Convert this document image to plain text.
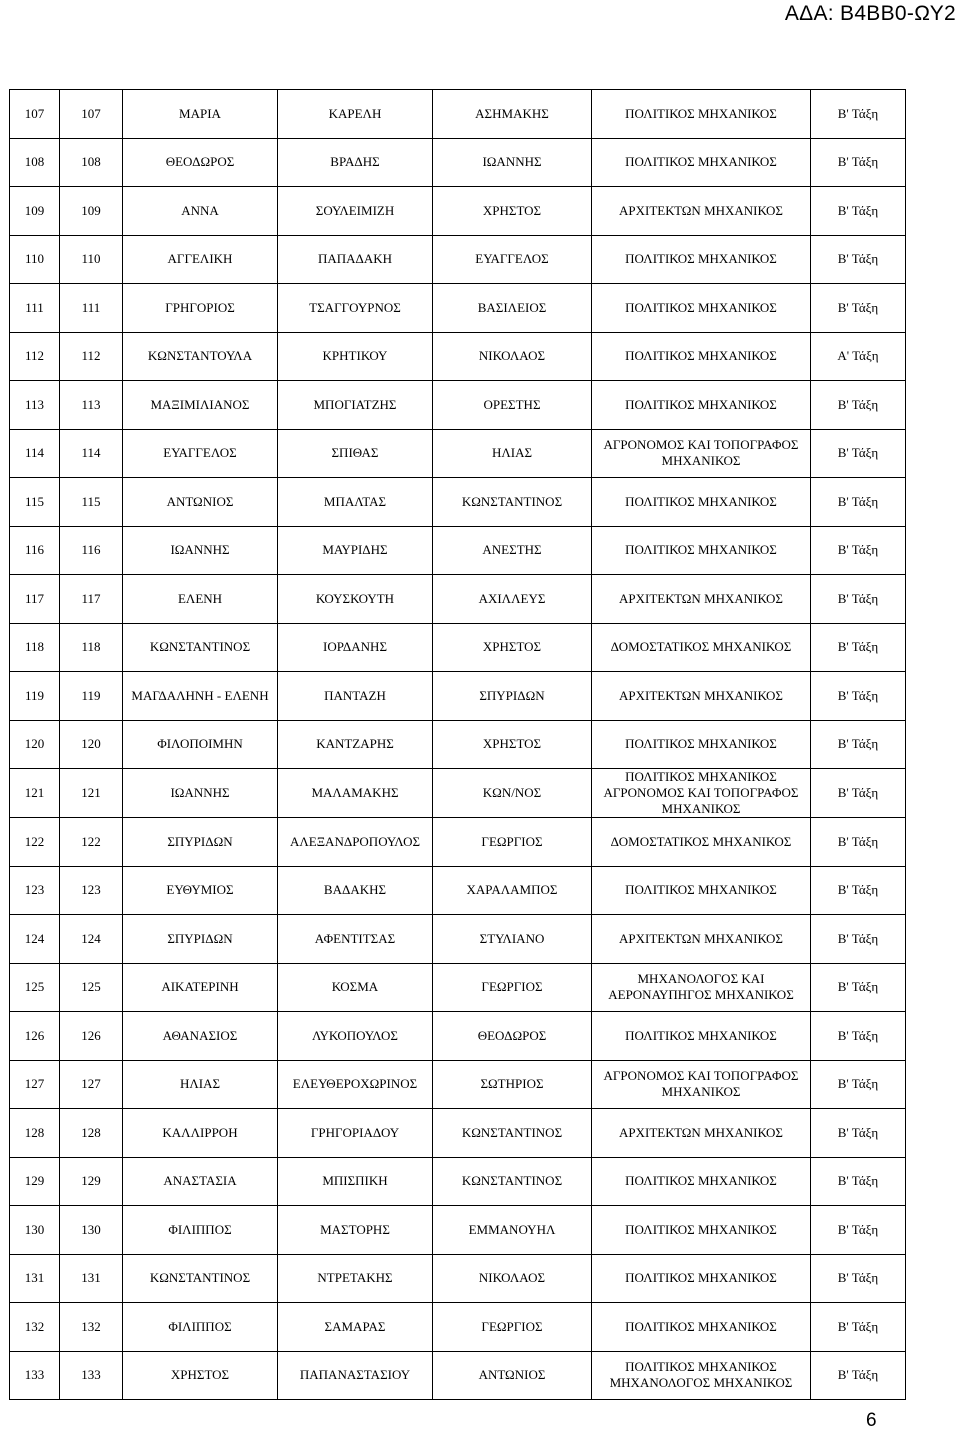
ΑΔΑ: Β4ΒΒ0-ΩΥ2
107	107	ΜΑΡΙΑ	ΚΑΡΕΛΗ	ΑΣΗΜΑΚΗΣ	ΠΟΛΙΤΙΚΟΣ ΜΗΧΑΝΙΚΟΣ	Β' Τάξη
108	108	ΘΕΟΔΩΡΟΣ	ΒΡΑΔΗΣ	ΙΩΑΝΝΗΣ	ΠΟΛΙΤΙΚΟΣ ΜΗΧΑΝΙΚΟΣ	Β' Τάξη
109	109	ΑΝΝΑ	ΣΟΥΛΕΙΜΙΖΗ	ΧΡΗΣΤΟΣ	ΑΡΧΙΤΕΚΤΩΝ ΜΗΧΑΝΙΚΟΣ	Β' Τάξη
110	110	ΑΓΓΕΛΙΚΗ	ΠΑΠΑΔΑΚΗ	ΕΥΑΓΓΕΛΟΣ	ΠΟΛΙΤΙΚΟΣ ΜΗΧΑΝΙΚΟΣ	Β' Τάξη
111	111	ΓΡΗΓΟΡΙΟΣ	ΤΣΑΓΓΟΥΡΝΟΣ	ΒΑΣΙΛΕΙΟΣ	ΠΟΛΙΤΙΚΟΣ ΜΗΧΑΝΙΚΟΣ	Β' Τάξη
112	112	ΚΩΝΣΤΑΝΤΟΥΛΑ	ΚΡΗΤΙΚΟΥ	ΝΙΚΟΛΑΟΣ	ΠΟΛΙΤΙΚΟΣ ΜΗΧΑΝΙΚΟΣ	Α' Τάξη
113	113	ΜΑΞΙΜΙΛΙΑΝΟΣ	ΜΠΟΓΙΑΤΖΗΣ	ΟΡΕΣΤΗΣ	ΠΟΛΙΤΙΚΟΣ ΜΗΧΑΝΙΚΟΣ	Β' Τάξη
114	114	ΕΥΑΓΓΕΛΟΣ	ΣΠΙΘΑΣ	ΗΛΙΑΣ	ΑΓΡΟΝΟΜΟΣ ΚΑΙ ΤΟΠΟΓΡΑΦΟΣ ΜΗΧΑΝΙΚΟΣ	Β' Τάξη
115	115	ΑΝΤΩΝΙΟΣ	ΜΠΑΛΤΑΣ	ΚΩΝΣΤΑΝΤΙΝΟΣ	ΠΟΛΙΤΙΚΟΣ ΜΗΧΑΝΙΚΟΣ	Β' Τάξη
116	116	ΙΩΑΝΝΗΣ	ΜΑΥΡΙΔΗΣ	ΑΝΕΣΤΗΣ	ΠΟΛΙΤΙΚΟΣ ΜΗΧΑΝΙΚΟΣ	Β' Τάξη
117	117	ΕΛΕΝΗ	ΚΟΥΣΚΟΥΤΗ	ΑΧΙΛΛΕΥΣ	ΑΡΧΙΤΕΚΤΩΝ ΜΗΧΑΝΙΚΟΣ	Β' Τάξη
118	118	ΚΩΝΣΤΑΝΤΙΝΟΣ	ΙΟΡΔΑΝΗΣ	ΧΡΗΣΤΟΣ	ΔΟΜΟΣΤΑΤΙΚΟΣ ΜΗΧΑΝΙΚΟΣ	Β' Τάξη
119	119	ΜΑΓΔΑΛΗΝΗ - ΕΛΕΝΗ	ΠΑΝΤΑΖΗ	ΣΠΥΡΙΔΩΝ	ΑΡΧΙΤΕΚΤΩΝ ΜΗΧΑΝΙΚΟΣ	Β' Τάξη
120	120	ΦΙΛΟΠΟΙΜΗΝ	ΚΑΝΤΖΑΡΗΣ	ΧΡΗΣΤΟΣ	ΠΟΛΙΤΙΚΟΣ ΜΗΧΑΝΙΚΟΣ	Β' Τάξη
121	121	ΙΩΑΝΝΗΣ	ΜΑΛΑΜΑΚΗΣ	ΚΩΝ/ΝΟΣ	ΠΟΛΙΤΙΚΟΣ ΜΗΧΑΝΙΚΟΣ ΑΓΡΟΝΟΜΟΣ ΚΑΙ ΤΟΠΟΓΡΑΦΟΣ ΜΗΧΑΝΙΚΟΣ	Β' Τάξη
122	122	ΣΠΥΡΙΔΩΝ	ΑΛΕΞΑΝΔΡΟΠΟΥΛΟΣ	ΓΕΩΡΓΙΟΣ	ΔΟΜΟΣΤΑΤΙΚΟΣ ΜΗΧΑΝΙΚΟΣ	Β' Τάξη
123	123	ΕΥΘΥΜΙΟΣ	ΒΑΔΑΚΗΣ	ΧΑΡΑΛΑΜΠΟΣ	ΠΟΛΙΤΙΚΟΣ ΜΗΧΑΝΙΚΟΣ	Β' Τάξη
124	124	ΣΠΥΡΙΔΩΝ	ΑΦΕΝΤΙΤΣΑΣ	ΣΤΥΛΙΑΝΟ	ΑΡΧΙΤΕΚΤΩΝ ΜΗΧΑΝΙΚΟΣ	Β' Τάξη
125	125	ΑΙΚΑΤΕΡΙΝΗ	ΚΟΣΜΑ	ΓΕΩΡΓΙΟΣ	ΜΗΧΑΝΟΛΟΓΟΣ ΚΑΙ ΑΕΡΟΝΑΥΠΗΓΟΣ ΜΗΧΑΝΙΚΟΣ	Β' Τάξη
126	126	ΑΘΑΝΑΣΙΟΣ	ΛΥΚΟΠΟΥΛΟΣ	ΘΕΟΔΩΡΟΣ	ΠΟΛΙΤΙΚΟΣ ΜΗΧΑΝΙΚΟΣ	Β' Τάξη
127	127	ΗΛΙΑΣ	ΕΛΕΥΘΕΡΟΧΩΡΙΝΟΣ	ΣΩΤΗΡΙΟΣ	ΑΓΡΟΝΟΜΟΣ ΚΑΙ ΤΟΠΟΓΡΑΦΟΣ ΜΗΧΑΝΙΚΟΣ	Β' Τάξη
128	128	ΚΑΛΛΙΡΡΟΗ	ΓΡΗΓΟΡΙΑΔΟΥ	ΚΩΝΣΤΑΝΤΙΝΟΣ	ΑΡΧΙΤΕΚΤΩΝ ΜΗΧΑΝΙΚΟΣ	Β' Τάξη
129	129	ΑΝΑΣΤΑΣΙΑ	ΜΠΙΣΠΙΚΗ	ΚΩΝΣΤΑΝΤΙΝΟΣ	ΠΟΛΙΤΙΚΟΣ ΜΗΧΑΝΙΚΟΣ	Β' Τάξη
130	130	ΦΙΛΙΠΠΟΣ	ΜΑΣΤΟΡΗΣ	ΕΜΜΑΝΟΥΗΛ	ΠΟΛΙΤΙΚΟΣ ΜΗΧΑΝΙΚΟΣ	Β' Τάξη
131	131	ΚΩΝΣΤΑΝΤΙΝΟΣ	ΝΤΡΕΤΑΚΗΣ	ΝΙΚΟΛΑΟΣ	ΠΟΛΙΤΙΚΟΣ ΜΗΧΑΝΙΚΟΣ	Β' Τάξη
132	132	ΦΙΛΙΠΠΟΣ	ΣΑΜΑΡΑΣ	ΓΕΩΡΓΙΟΣ	ΠΟΛΙΤΙΚΟΣ ΜΗΧΑΝΙΚΟΣ	Β' Τάξη
133	133	ΧΡΗΣΤΟΣ	ΠΑΠΑΝΑΣΤΑΣΙΟΥ	ΑΝΤΩΝΙΟΣ	ΠΟΛΙΤΙΚΟΣ ΜΗΧΑΝΙΚΟΣ ΜΗΧΑΝΟΛΟΓΟΣ ΜΗΧΑΝΙΚΟΣ	Β' Τάξη
6
